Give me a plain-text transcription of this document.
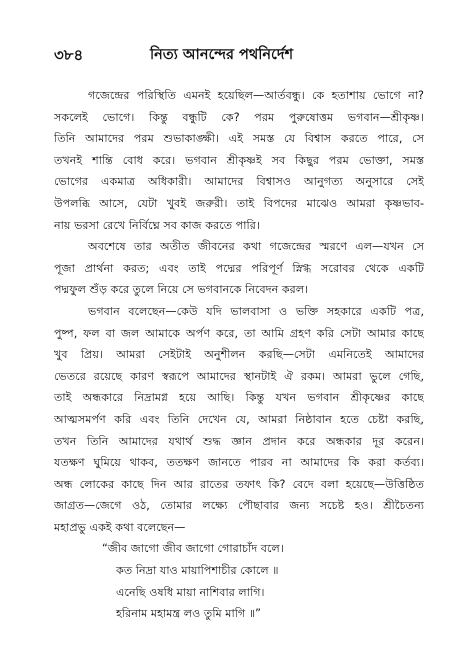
৩৮৪	নিত্য আনন্দের পথনির্দেশ
গজেন্দ্রের পরিস্থিতি এমনই হয়েছিল—আর্তবন্ধু। কে হতাশায় ভোগে না?
সকলেই ভোগে। কিন্তু বন্ধুটি কে? পরম পুরুষোত্তম ভগবান—শ্রীকৃষ্ণ।
তিনি আমাদের পরম শুভাকাঙ্ক্ষী। এই সমস্ত যে বিশ্বাস করতে পারে, সে
তখনই শান্তি বোধ করে। ভগবান শ্রীকৃষ্ণই সব কিছুর পরম ভোক্তা, সমস্ত
ভোগের একমাত্র অধিকারী। আমাদের বিশ্বাসও আনুগত্য অনুসারে সেই
উপলব্ধি আসে, যেটা খুবই জরুরী। তাই বিপদের মাঝেও আমরা কৃষ্ণভাব-
নায় ভরসা রেখে নির্বিঘ্নে সব কাজ করতে পারি।
অবশেষে তার অতীত জীবনের কথা গজেন্দ্রের স্মরণে এল—যখন সে
পূজা প্রার্থনা করত; এবং তাই পদ্মের পরিপূর্ণ স্নিগ্ধ সরোবর থেকে একটি
পদ্মফুল শুঁড় করে তুলে নিয়ে সে ভগবানকে নিবেদন করল।
ভগবান বলেছেন—কেউ যদি ভালবাসা ও ভক্তি সহকারে একটি পত্র,
পুষ্প, ফল বা জল আমাকে অর্পণ করে, তা আমি গ্রহণ করি সেটা আমার কাছে
খুব প্রিয়। আমরা সেইটাই অনুশীলন করছি—সেটা এমনিতেই আমাদের
ভেতরে রয়েছে কারণ স্বরূপে আমাদের স্থানটাই ঐ রকম। আমরা ভুলে গেছি,
তাই অন্ধকারে নিদ্রামগ্ন হয়ে আছি। কিন্তু যখন ভগবান শ্রীকৃষ্ণের কাছে
আত্মসমর্পণ করি এবং তিনি দেখেন যে, আমরা নিষ্ঠাবান হতে চেষ্টা করছি,
তখন তিনি আমাদের যথার্থ শুদ্ধ জ্ঞান প্রদান করে অন্ধকার দূর করেন।
যতক্ষণ ঘুমিয়ে থাকব, ততক্ষণ জানতে পারব না আমাদের কি করা কর্তব্য।
অন্ধ লোকের কাছে দিন আর রাতের তফাৎ কি? বেদে বলা হয়েছে—উত্তিষ্ঠিত
জাগ্রত—জেগে ওঠ, তোমার লক্ষ্যে পৌছাবার জন্য সচেষ্ট হও। শ্রীচৈতন্য
মহাপ্রভু একই কথা বলেছেন—
“জীব জাগো জীব জাগো গোরাচাঁদ বলে।
কত নিদ্রা যাও মায়াপিশাচীর কোলে ॥
এনেছি ওষধি মায়া নাশিবার লাগি।
হরিনাম মহামন্ত্র লও তুমি মাগি ॥”
